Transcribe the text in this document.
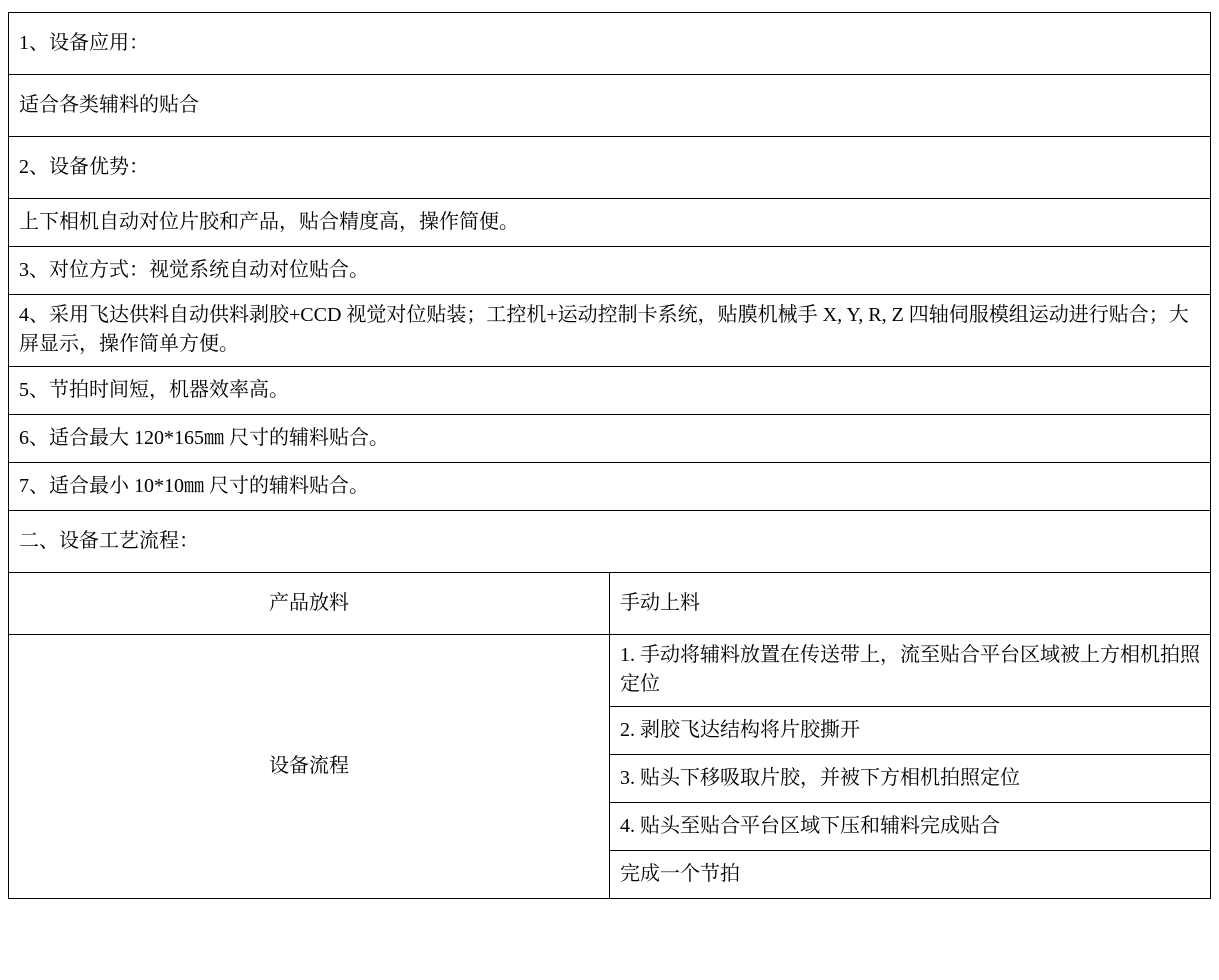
1、设备应用：	
适合各类辅料的贴合	
2、设备优势：	
上下相机自动对位片胶和产品，贴合精度高，操作简便。	
3、对位方式：视觉系统自动对位贴合。	
4、采用飞达供料自动供料剥胶+CCD 视觉对位贴装；工控机+运动控制卡系统，贴膜机械手 X, Y, R, Z 四轴伺服模组运动进行贴合；大屏显示，操作简单方便。	
5、节拍时间短，机器效率高。	
6、适合最大 120*165㎜ 尺寸的辅料贴合。	
7、适合最小 10*10㎜ 尺寸的辅料贴合。	
二、设备工艺流程：	
产品放料	手动上料
设备流程	1. 手动将辅料放置在传送带上，流至贴合平台区域被上方相机拍照定位
	2. 剥胶飞达结构将片胶撕开
	3. 贴头下移吸取片胶，并被下方相机拍照定位
	4. 贴头至贴合平台区域下压和辅料完成贴合
	完成一个节拍
